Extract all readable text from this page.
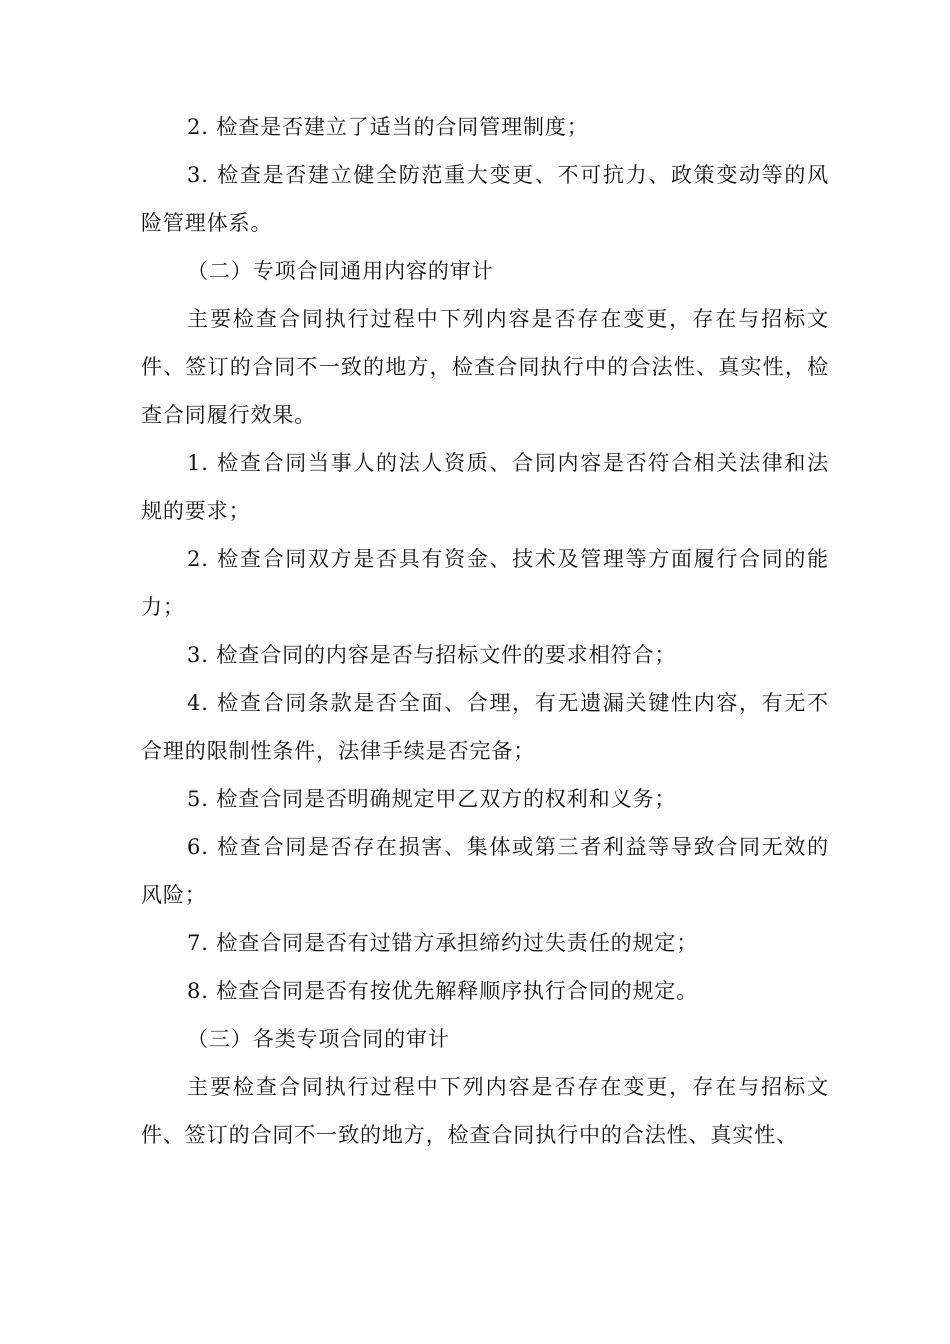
2. 检查是否建立了适当的合同管理制度；

3. 检查是否建立健全防范重大变更、不可抗力、政策变动等的风险管理体系。

（二）专项合同通用内容的审计

主要检查合同执行过程中下列内容是否存在变更，存在与招标文件、签订的合同不一致的地方，检查合同执行中的合法性、真实性，检查合同履行效果。

1. 检查合同当事人的法人资质、合同内容是否符合相关法律和法规的要求；

2. 检查合同双方是否具有资金、技术及管理等方面履行合同的能力；

3. 检查合同的内容是否与招标文件的要求相符合；

4. 检查合同条款是否全面、合理，有无遗漏关键性内容，有无不合理的限制性条件，法律手续是否完备；

5. 检查合同是否明确规定甲乙双方的权利和义务；

6. 检查合同是否存在损害、集体或第三者利益等导致合同无效的风险；

7. 检查合同是否有过错方承担缔约过失责任的规定；

8. 检查合同是否有按优先解释顺序执行合同的规定。

（三）各类专项合同的审计

主要检查合同执行过程中下列内容是否存在变更，存在与招标文件、签订的合同不一致的地方，检查合同执行中的合法性、真实性、
